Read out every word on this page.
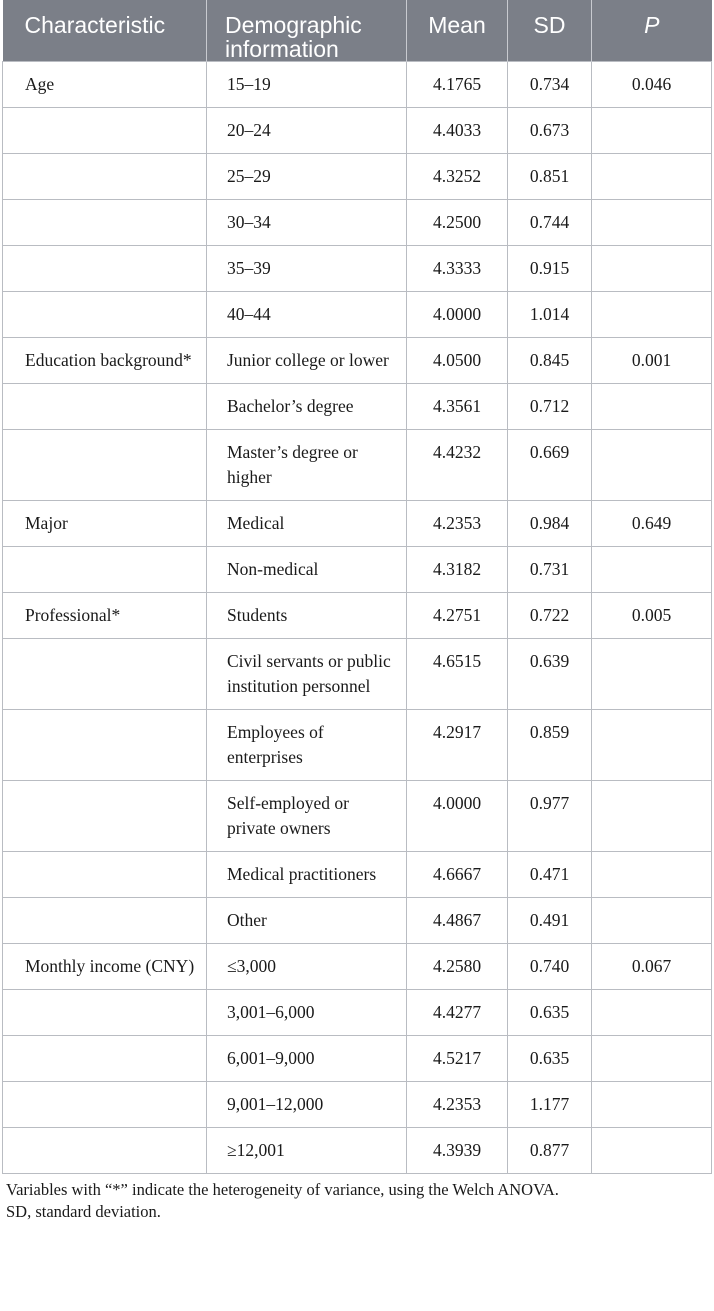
Characteristic	Demographic information	Mean	SD	P
Age	15–19	4.1765	0.734	0.046
	20–24	4.4033	0.673	
	25–29	4.3252	0.851	
	30–34	4.2500	0.744	
	35–39	4.3333	0.915	
	40–44	4.0000	1.014	
Education background*	Junior college or lower	4.0500	0.845	0.001
	Bachelor’s degree	4.3561	0.712	
	Master’s degree or higher	4.4232	0.669	
Major	Medical	4.2353	0.984	0.649
	Non-medical	4.3182	0.731	
Professional*	Students	4.2751	0.722	0.005
	Civil servants or public institution personnel	4.6515	0.639	
	Employees of enterprises	4.2917	0.859	
	Self-employed or private owners	4.0000	0.977	
	Medical practitioners	4.6667	0.471	
	Other	4.4867	0.491	
Monthly income (CNY)	≤3,000	4.2580	0.740	0.067
	3,001–6,000	4.4277	0.635	
	6,001–9,000	4.5217	0.635	
	9,001–12,000	4.2353	1.177	
	≥12,001	4.3939	0.877	
Variables with “*” indicate the heterogeneity of variance, using the Welch ANOVA.
SD, standard deviation.
